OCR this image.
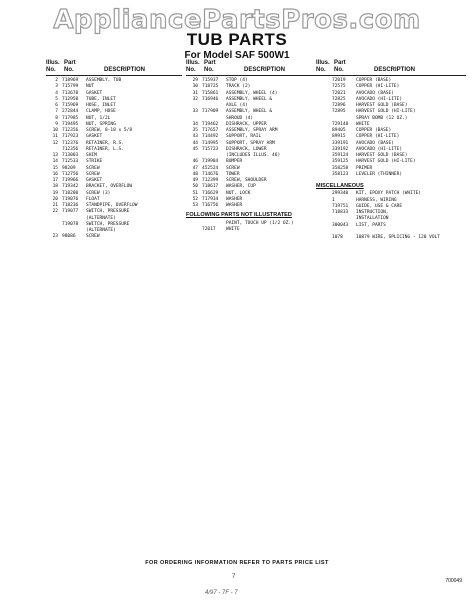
AppliancePartsPros.com
TUB PARTS
For Model SAF 500W1
Illus. Part
No. No.	DESCRIPTION
2 718969 ASSEMBLY, TUB
3 715799 NUT
4 713678 GASKET
5 712958 TUBE, INLET
6 715969 HOSE, INLET
7 272844 CLAMP, HOSE
8 717985 NUT, 1/2L
9 719495 NUT, SPRING
10 712356 SCREW, 8-18 x 5/8
11 717923 GASKET
12 712376 RETAINER, R.S.
712356 RETAINER, L.S.
13 713003 SHIM
14 712533 STRIKE
15 98209 SCREW
16 712756 SCREW
17 719966 GASKET
18 719342 BRACKET, OVERFLOW
19 718280 SCREW (3)
20 719076 FLOAT
21 718236 STANDPIPE, OVERFLOW
22 719077 SWITCH, PRESSURE
(ALTERNATE)
719078 SWITCH, PRESSURE
(ALTERNATE)
23 98086 SCREW
Illus. Part
No. No.	DESCRIPTION
29 715937 STOP (4)
30 718725 TRACK (2)
31 715861 ASSEMBLY, WHEEL (4)
32 716946 ASSEMBLY, WHEEL &
AXLE (4)
33 717909 ASSEMBLY, WHEEL &
SHROUD (4)
34 719462 DISHRACK, UPPER
35 717657 ASSEMBLY, SPRAY ARM
43 714492 SUPPORT, RAIL
44 714995 SUPPORT, SPRAY ARM
45 715723 DISHRACK, LOWER
(INCLUDES ILLUS. 46)
46 719984 BUMPER
47 452524 SCREW
48 714676 TOWER
49 712399 SCREW, SHOULDER
50 718617 WASHER, CUP
51 716629 NUT, LOCK
52 717934 WASHER
53 716756 WASHER
FOLLOWING PARTS NOT ILLUSTRATED
PAINT, TOUCH UP (1/2 OZ.)
72017 WHITE
Illus. Part
No. No.	DESCRIPTION
72019 COPPER (BASE)
72575 COPPER (HI-LITE)
72021 AVOCADO (BASE)
72825 AVOCADO (HI-LITE)
72896 HARVEST GOLD (BASE)
72895 HARVEST GOLD (HI-LITE)
SPRAY BOMB (12 OZ.)
729148 WHITE
89405 COPPER (BASE)
89915 COPPER (HI-LITE)
339191 AVOCADO (BASE)
339192 AVOCADO (HI-LITE)
359124 HARVEST GOLD (BASE)
359125 HARVEST GOLD (HI-LITE)
358258 PRIMER
358123 LEVELER (THINNER)
MISCELLANEOUS
299340 KIT, EPOXY PATCH (WHITE)
1	HARNESS, WIRING
719751 GUIDE, USE & CARE
718833 INSTRUCTION,
INSTALLATION
300043 LIST, PARTS
1078	10879 WIRE, SPLICING - 120 VOLT
FOR ORDERING INFORMATION REFER TO PARTS PRICE LIST
7
700049
4/97 - 7F - 7
